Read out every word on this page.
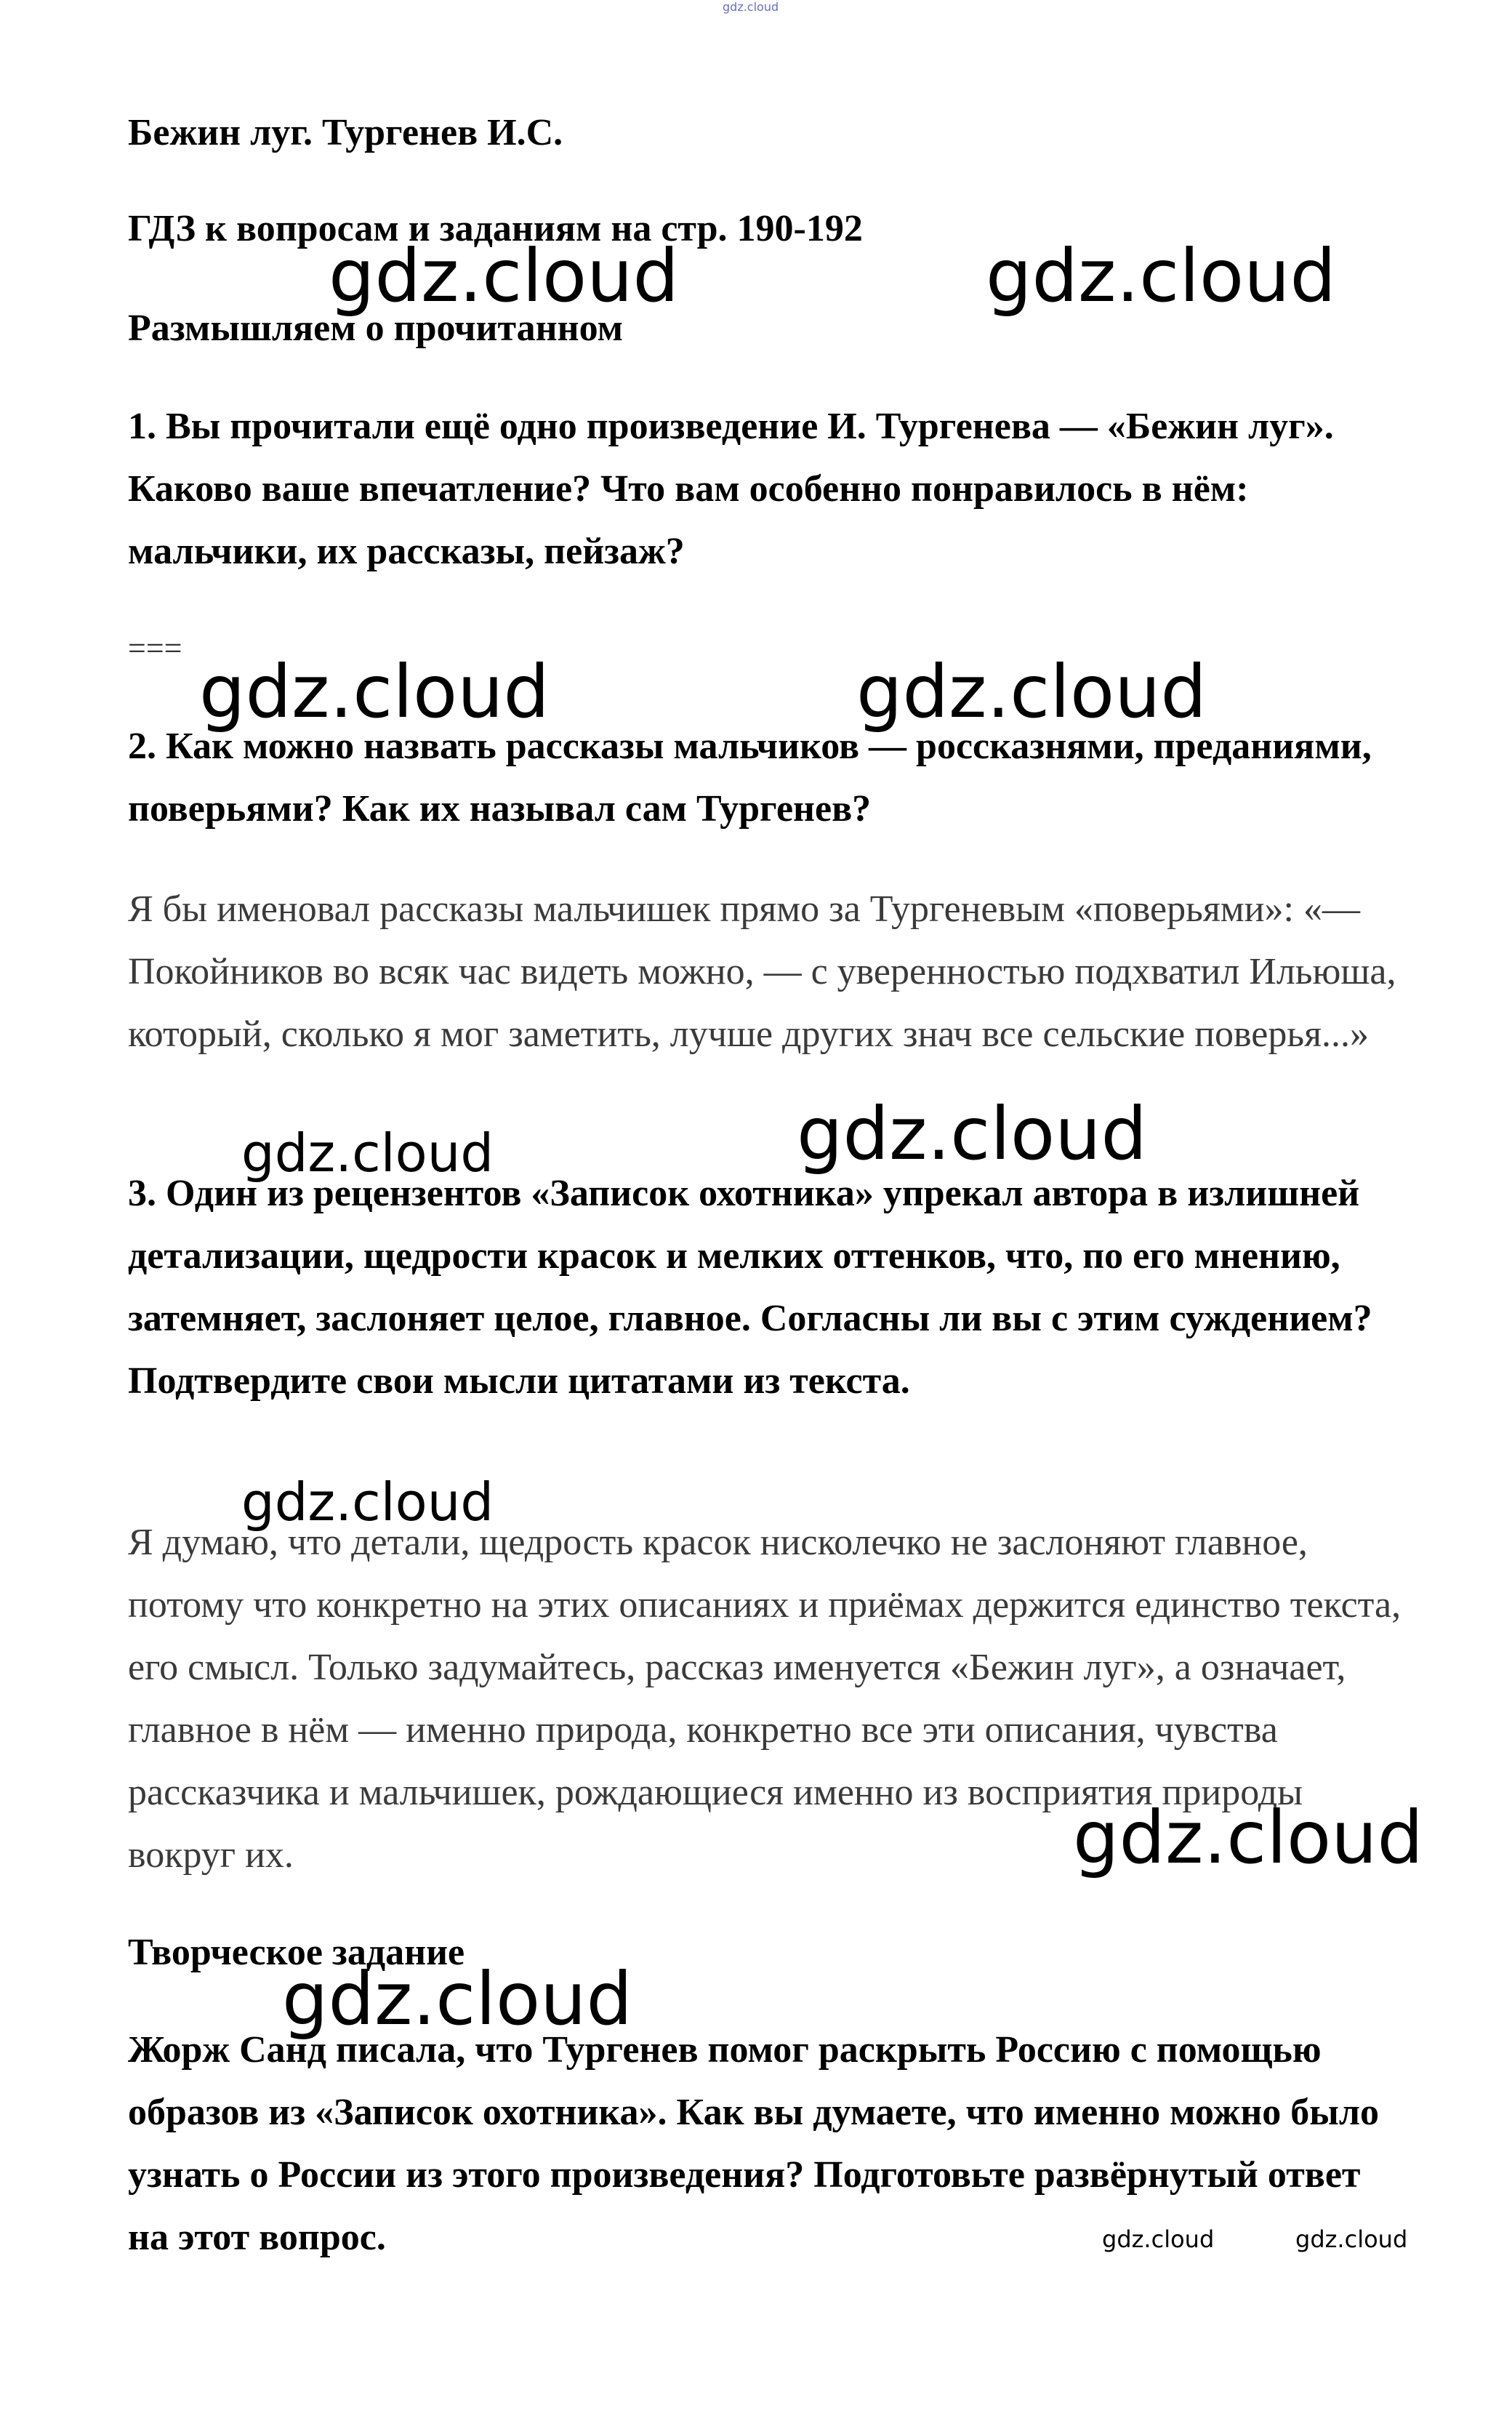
gdz.cloud

Бежин луг. Тургенев И.С.

ГДЗ к вопросам и заданиям на стр. 190-192

Размышляем о прочитанном

1. Вы прочитали ещё одно произведение И. Тургенева — «Бежин луг». Каково ваше впечатление? Что вам особенно понравилось в нём: мальчики, их рассказы, пейзаж?

===

2. Как можно назвать рассказы мальчиков — россказнями, преданиями, поверьями? Как их называл сам Тургенев?

Я бы именовал рассказы мальчишек прямо за Тургеневым «поверьями»: «— Покойников во всяк час видеть можно, — с уверенностью подхватил Ильюша, который, сколько я мог заметить, лучше других знач все сельские поверья...»

3. Один из рецензентов «Записок охотника» упрекал автора в излишней детализации, щедрости красок и мелких оттенков, что, по его мнению, затемняет, заслоняет целое, главное. Согласны ли вы с этим суждением? Подтвердите свои мысли цитатами из текста.

Я думаю, что детали, щедрость красок нисколечко не заслоняют главное, потому что конкретно на этих описаниях и приёмах держится единство текста, его смысл. Только задумайтесь, рассказ именуется «Бежин луг», а означает, главное в нём — именно природа, конкретно все эти описания, чувства рассказчика и мальчишек, рождающиеся именно из восприятия природы вокруг их.

Творческое задание

Жорж Санд писала, что Тургенев помог раскрыть Россию с помощью образов из «Записок охотника». Как вы думаете, что именно можно было узнать о России из этого произведения? Подготовьте развёрнутый ответ на этот вопрос.

gdz.cloud	gdz.cloud
gdz.cloud	gdz.cloud
gdz.cloud	gdz.cloud
gdz.cloud
gdz.cloud
gdz.cloud
gdz.cloud	gdz.cloud
